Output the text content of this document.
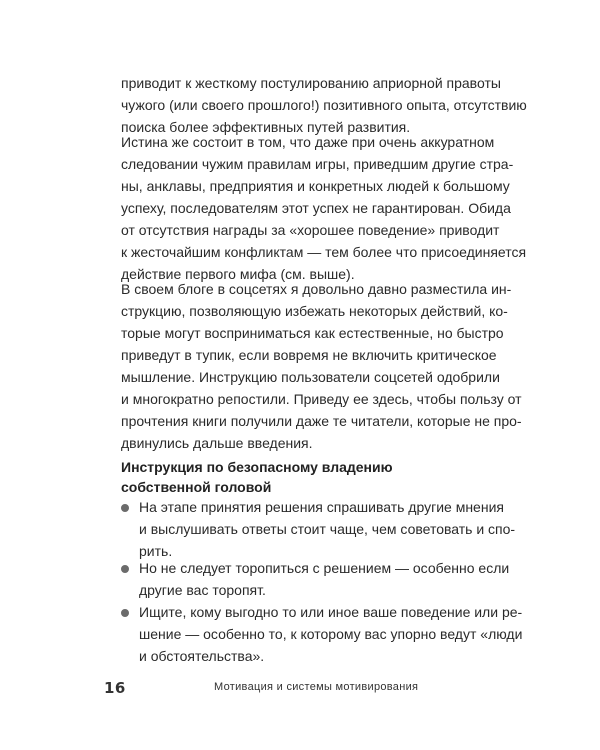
приводит к жесткому постулированию априорной правоты
чужого (или своего прошлого!) позитивного опыта, отсутствию
поиска более эффективных путей развития.
Истина же состоит в том, что даже при очень аккуратном
следовании чужим правилам игры, приведшим другие стра-
ны, анклавы, предприятия и конкретных людей к большому
успеху, последователям этот успех не гарантирован. Обида
от отсутствия награды за «хорошее поведение» приводит
к жесточайшим конфликтам — тем более что присоединяется
действие первого мифа (см. выше).
В своем блоге в соцсетях я довольно давно разместила ин-
струкцию, позволяющую избежать некоторых действий, ко-
торые могут восприниматься как естественные, но быстро
приведут в тупик, если вовремя не включить критическое
мышление. Инструкцию пользователи соцсетей одобрили
и многократно репостили. Приведу ее здесь, чтобы пользу от
прочтения книги получили даже те читатели, которые не про-
двинулись дальше введения.
Инструкция по безопасному владению
собственной головой
На этапе принятия решения спрашивать другие мнения
и выслушивать ответы стоит чаще, чем советовать и спо-
рить.
Но не следует торопиться с решением — особенно если
другие вас торопят.
Ищите, кому выгодно то или иное ваше поведение или ре-
шение — особенно то, к которому вас упорно ведут «люди
и обстоятельства».
16	Мотивация и системы мотивирования
